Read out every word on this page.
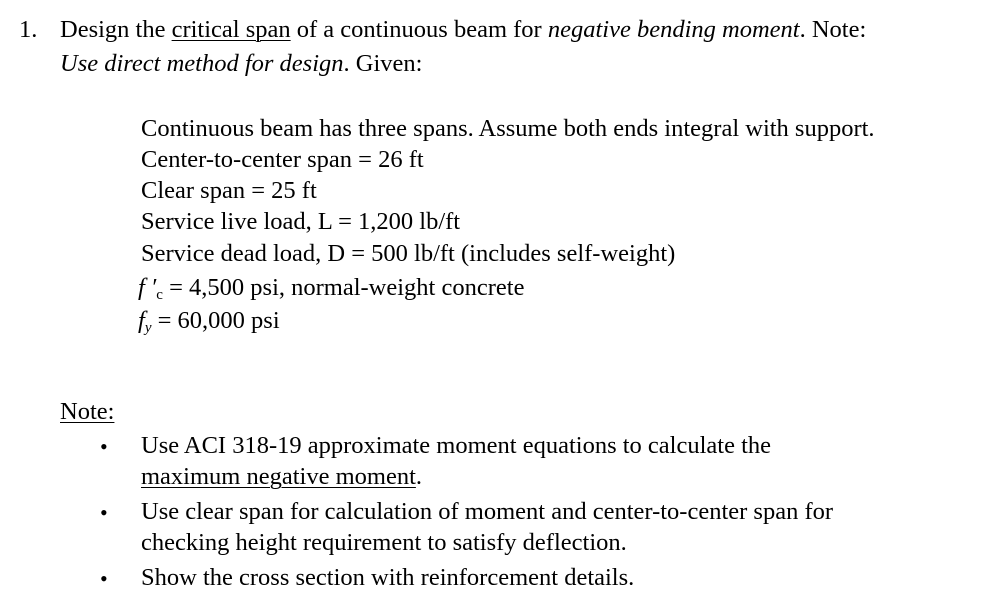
1. Design the critical span of a continuous beam for negative bending moment. Note:
Use direct method for design. Given:
Continuous beam has three spans. Assume both ends integral with support.
Center-to-center span = 26 ft
Clear span = 25 ft
Service live load, L = 1,200 lb/ft
Service dead load, D = 500 lb/ft (includes self-weight)
f $'_c = 4,500$ psi, normal-weight concrete
$f_y = 60,000$ psi
Note:
• Use ACI 318-19 approximate moment equations to calculate the
maximum negative moment.
• Use clear span for calculation of moment and center-to-center span for
checking height requirement to satisfy deflection.
• Show the cross section with reinforcement details.
